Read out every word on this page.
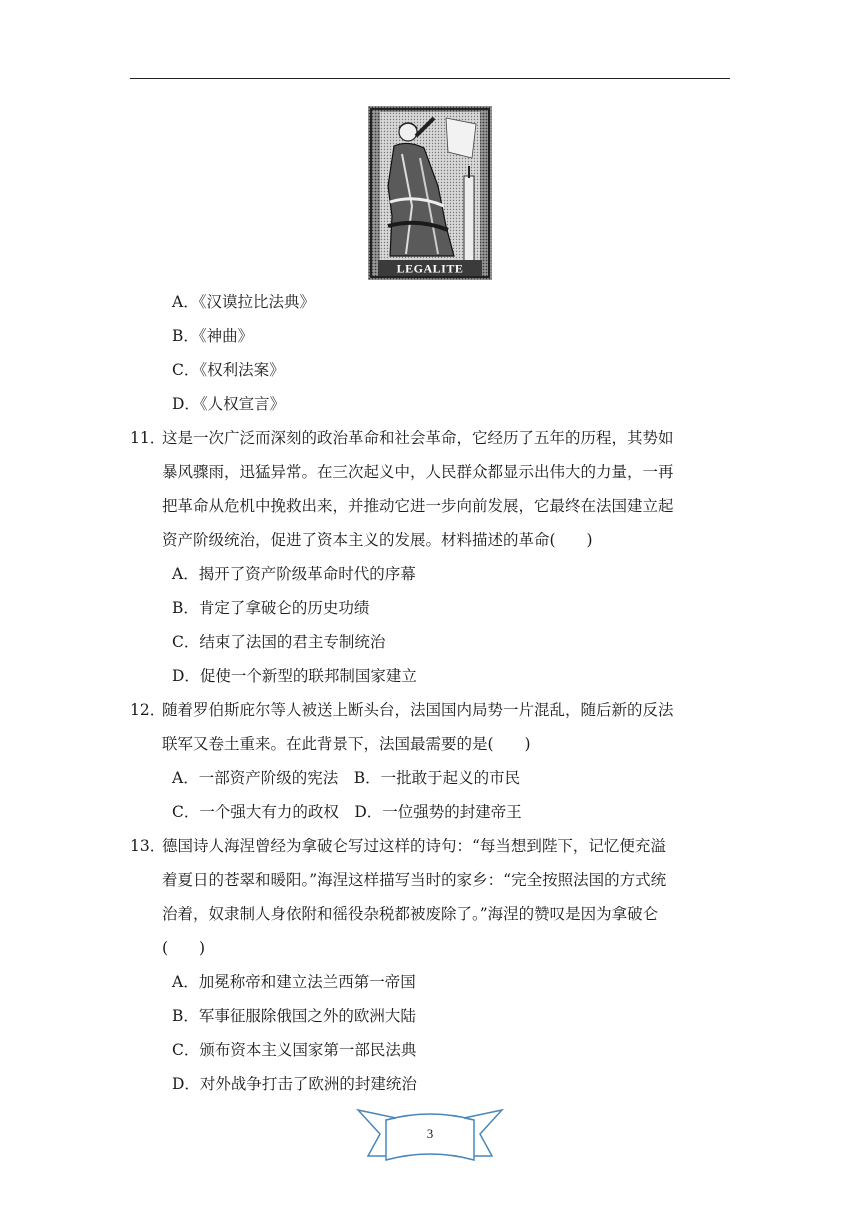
LEGALITE
A．《汉谟拉比法典》
B．《神曲》
C．《权利法案》
D．《人权宣言》
11．
这是一次广泛而深刻的政治革命和社会革命，它经历了五年的历程，其势如
暴风骤雨，迅猛异常。在三次起义中，人民群众都显示出伟大的力量，一再
把革命从危机中挽救出来，并推动它进一步向前发展，它最终在法国建立起
资产阶级统治，促进了资本主义的发展。材料描述的革命(　　)
A．揭开了资产阶级革命时代的序幕
B．肯定了拿破仑的历史功绩
C．结束了法国的君主专制统治
D．促使一个新型的联邦制国家建立
12．
随着罗伯斯庇尔等人被送上断头台，法国国内局势一片混乱，随后新的反法
联军又卷土重来。在此背景下，法国最需要的是(　　)
A．一部资产阶级的宪法　B．一批敢于起义的市民
C．一个强大有力的政权　D．一位强势的封建帝王
13．
德国诗人海涅曾经为拿破仑写过这样的诗句：“每当想到陛下，记忆便充溢
着夏日的苍翠和暖阳。”海涅这样描写当时的家乡：“完全按照法国的方式统
治着，奴隶制人身依附和徭役杂税都被废除了。”海涅的赞叹是因为拿破仑
(　　)
A．加冕称帝和建立法兰西第一帝国
B．军事征服除俄国之外的欧洲大陆
C．颁布资本主义国家第一部民法典
D．对外战争打击了欧洲的封建统治
3
